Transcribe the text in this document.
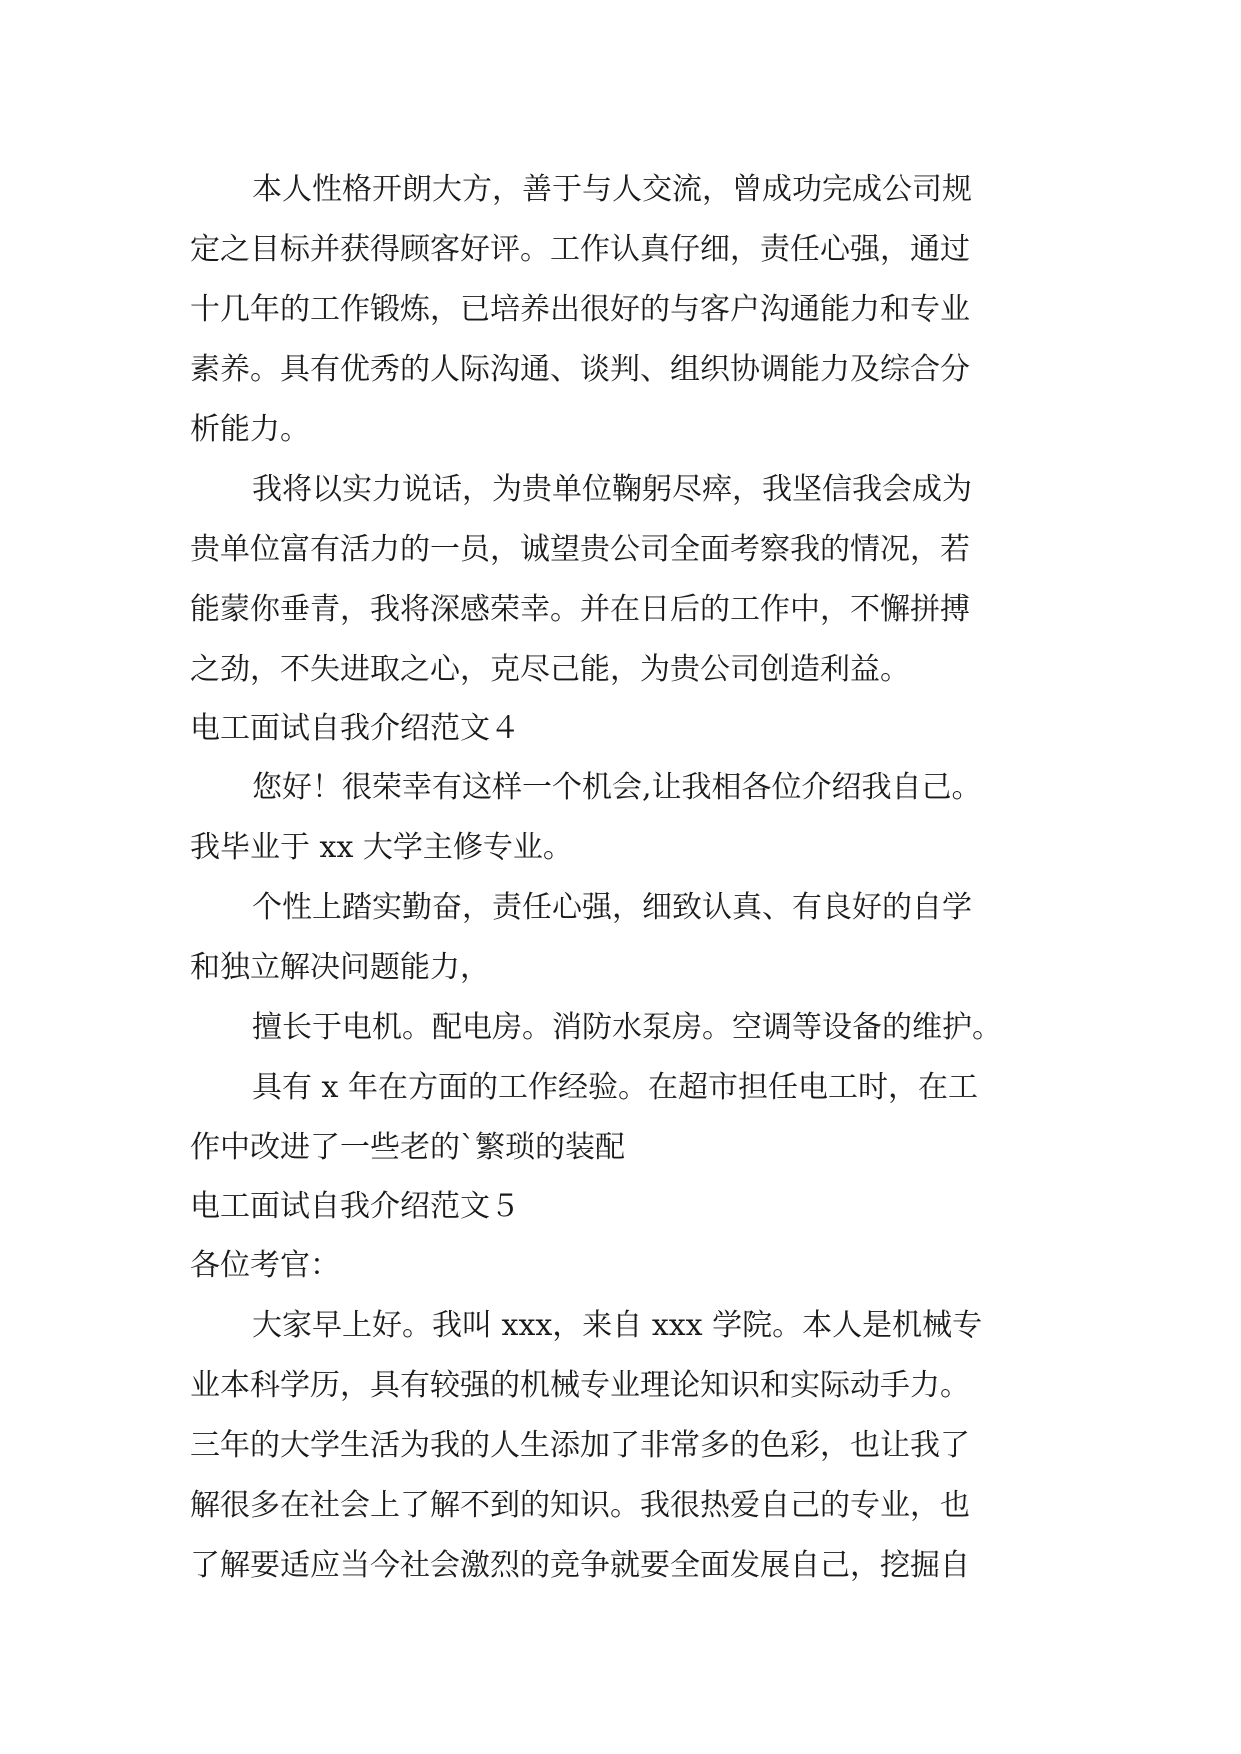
本人性格开朗大方，善于与人交流，曾成功完成公司规
定之目标并获得顾客好评。工作认真仔细，责任心强，通过
十几年的工作锻炼，已培养出很好的与客户沟通能力和专业
素养。具有优秀的人际沟通、谈判、组织协调能力及综合分
析能力。
我将以实力说话，为贵单位鞠躬尽瘁，我坚信我会成为
贵单位富有活力的一员，诚望贵公司全面考察我的情况，若
能蒙你垂青，我将深感荣幸。并在日后的工作中，不懈拼搏
之劲，不失进取之心，克尽己能，为贵公司创造利益。
电工面试自我介绍范文４
您好！很荣幸有这样一个机会,让我相各位介绍我自己。
我毕业于 xx 大学主修专业。
个性上踏实勤奋，责任心强，细致认真、有良好的自学
和独立解决问题能力，
擅长于电机。配电房。消防水泵房。空调等设备的维护。
具有 x 年在方面的工作经验。在超市担任电工时，在工
作中改进了一些老的`繁琐的装配
电工面试自我介绍范文５
各位考官：
大家早上好。我叫 xxx，来自 xxx 学院。本人是机械专
业本科学历，具有较强的机械专业理论知识和实际动手力。
三年的大学生活为我的人生添加了非常多的色彩，也让我了
解很多在社会上了解不到的知识。我很热爱自己的专业，也
了解要适应当今社会激烈的竞争就要全面发展自己，挖掘自
